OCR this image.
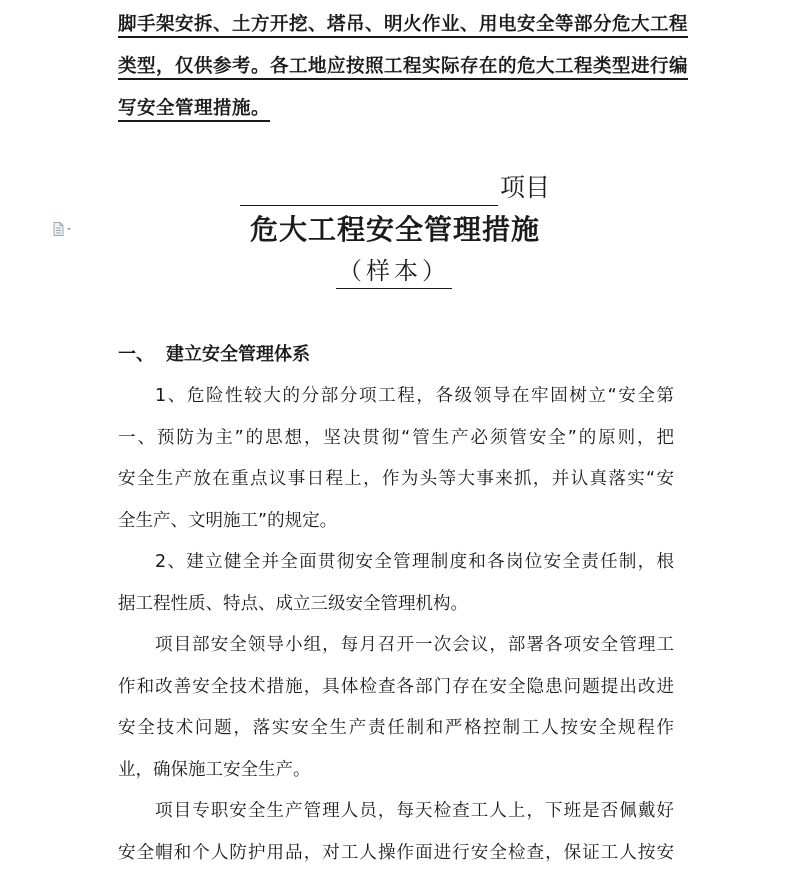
脚手架安拆、土方开挖、塔吊、明火作业、用电安全等部分危大工程
类型，仅供参考。各工地应按照工程实际存在的危大工程类型进行编
写安全管理措施。
项目
危大工程安全管理措施
（样本）
一、 建立安全管理体系
1、危险性较大的分部分项工程，各级领导在牢固树立“安全第
一、预防为主”的思想，坚决贯彻“管生产必须管安全”的原则，把
安全生产放在重点议事日程上，作为头等大事来抓，并认真落实“安
全生产、文明施工”的规定。
2、建立健全并全面贯彻安全管理制度和各岗位安全责任制，根
据工程性质、特点、成立三级安全管理机构。
项目部安全领导小组，每月召开一次会议，部署各项安全管理工
作和改善安全技术措施，具体检查各部门存在安全隐患问题提出改进
安全技术问题，落实安全生产责任制和严格控制工人按安全规程作
业，确保施工安全生产。
项目专职安全生产管理人员，每天检查工人上，下班是否佩戴好
安全帽和个人防护用品，对工人操作面进行安全检查，保证工人按安
